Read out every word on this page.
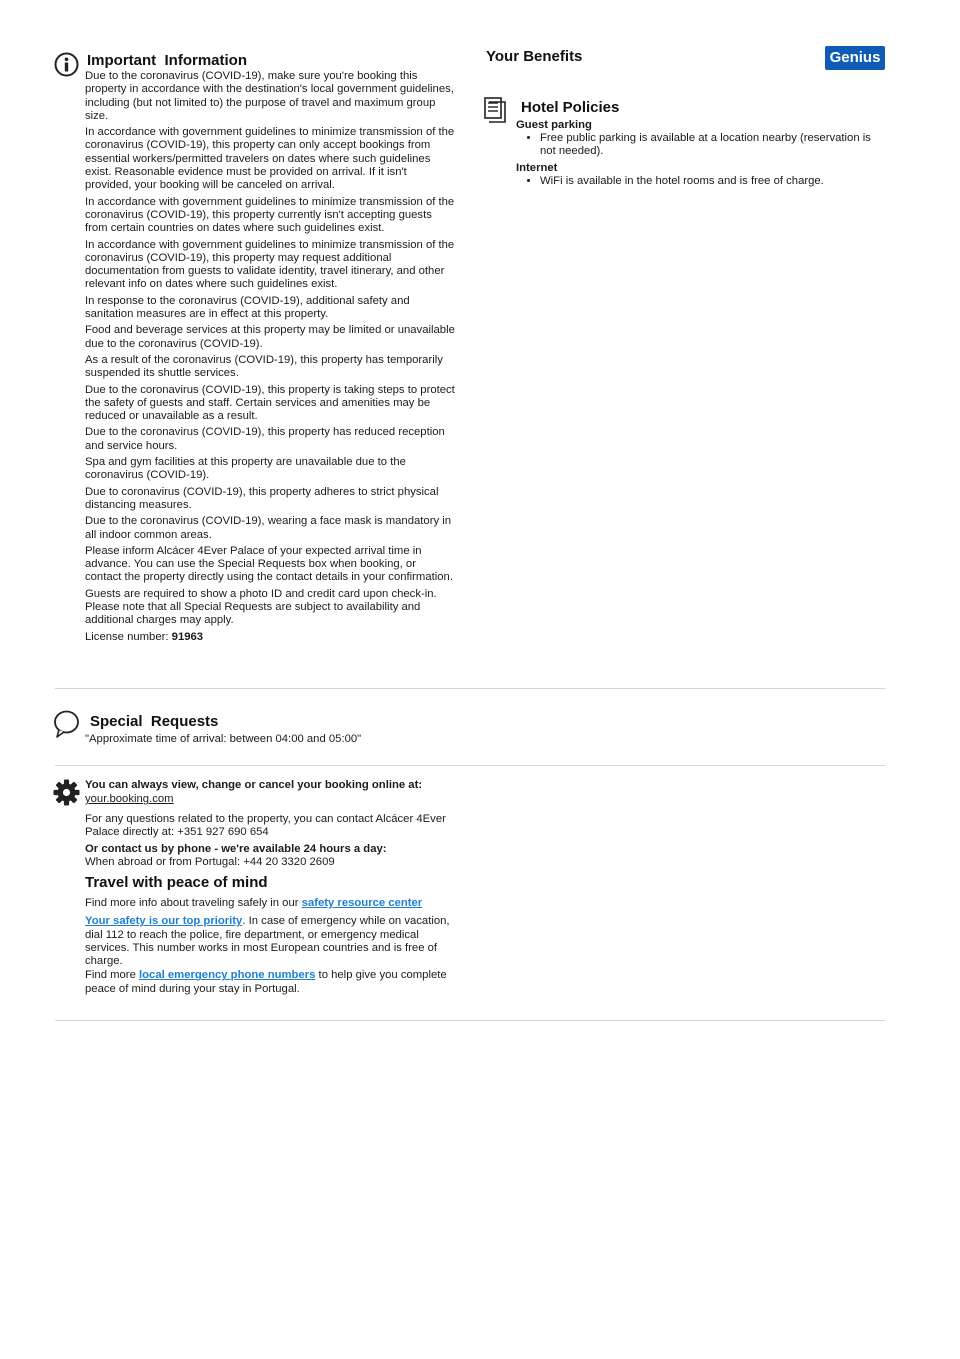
Important  Information

Due to the coronavirus (COVID-19), make sure you're booking this property in accordance with the destination's local government guidelines, including (but not limited to) the purpose of travel and maximum group size.

In accordance with government guidelines to minimize transmission of the coronavirus (COVID-19), this property can only accept bookings from essential workers/permitted travelers on dates where such guidelines exist. Reasonable evidence must be provided on arrival. If it isn't provided, your booking will be canceled on arrival.

In accordance with government guidelines to minimize transmission of the coronavirus (COVID-19), this property currently isn't accepting guests from certain countries on dates where such guidelines exist.

In accordance with government guidelines to minimize transmission of the coronavirus (COVID-19), this property may request additional documentation from guests to validate identity, travel itinerary, and other relevant info on dates where such guidelines exist.

In response to the coronavirus (COVID-19), additional safety and sanitation measures are in effect at this property.

Food and beverage services at this property may be limited or unavailable due to the coronavirus (COVID-19).

As a result of the coronavirus (COVID-19), this property has temporarily suspended its shuttle services.

Due to the coronavirus (COVID-19), this property is taking steps to protect the safety of guests and staff. Certain services and amenities may be reduced or unavailable as a result.

Due to the coronavirus (COVID-19), this property has reduced reception and service hours.

Spa and gym facilities at this property are unavailable due to the coronavirus (COVID-19).

Due to coronavirus (COVID-19), this property adheres to strict physical distancing measures.

Due to the coronavirus (COVID-19), wearing a face mask is mandatory in all indoor common areas.

Please inform Alcácer 4Ever Palace of your expected arrival time in advance. You can use the Special Requests box when booking, or contact the property directly using the contact details in your confirmation.

Guests are required to show a photo ID and credit card upon check-in. Please note that all Special Requests are subject to availability and additional charges may apply.

License number: 91963

Your Benefits	Genius
Hotel Policies
Guest parking
• Free public parking is available at a location nearby (reservation is not needed).
Internet
• WiFi is available in the hotel rooms and is free of charge.
Special  Requests
"Approximate time of arrival: between 04:00 and 05:00"

You can always view, change or cancel your booking online at:

your.booking.com

For any questions related to the property, you can contact Alcácer 4Ever Palace directly at: +351 927 690 654

Or contact us by phone - we're available 24 hours a day:

When abroad or from Portugal: +44 20 3320 2609

Travel with peace of mind

Find more info about traveling safely in our safety resource center

Your safety is our top priority. In case of emergency while on vacation, dial 112 to reach the police, fire department, or emergency medical services. This number works in most European countries and is free of charge.

Find more local emergency phone numbers to help give you complete peace of mind during your stay in Portugal.
